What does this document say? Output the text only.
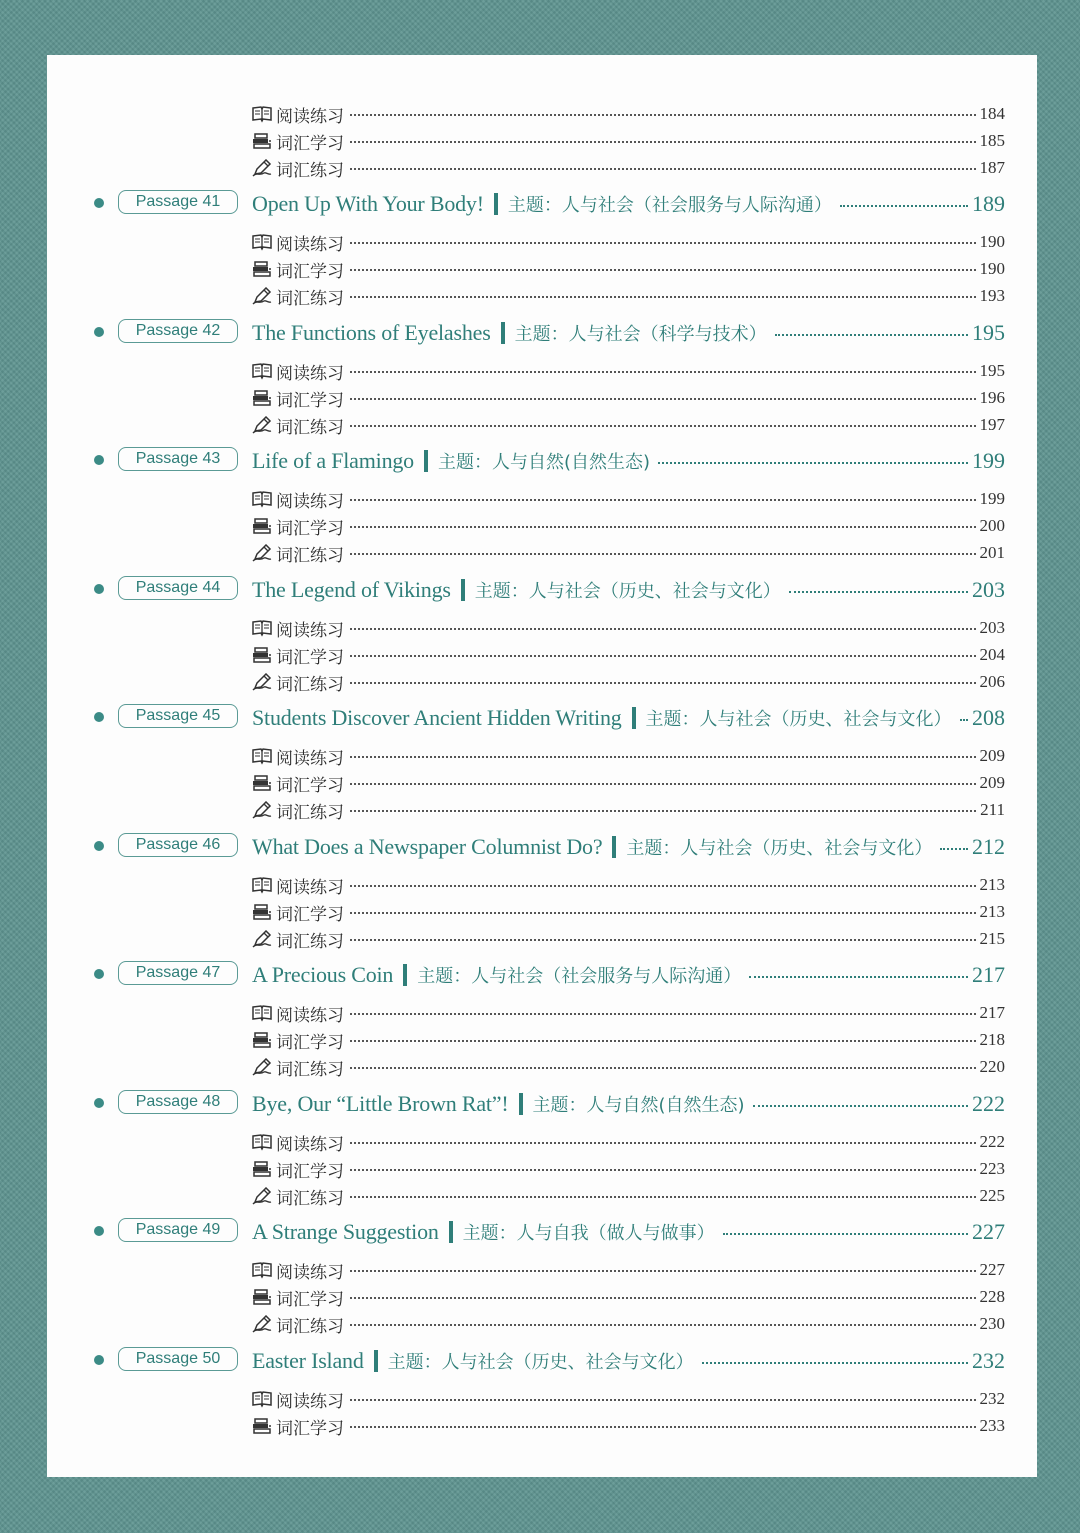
阅读练习	184
词汇学习	185
词汇练习	187
Passage 41	Open Up With Your Body! 主题：人与社会（社会服务与人际沟通）	189
阅读练习	190
词汇学习	190
词汇练习	193
Passage 42	The Functions of Eyelashes 主题：人与社会（科学与技术）	195
阅读练习	195
词汇学习	196
词汇练习	197
Passage 43	Life of a Flamingo 主题：人与自然(自然生态)	199
阅读练习	199
词汇学习	200
词汇练习	201
Passage 44	The Legend of Vikings 主题：人与社会（历史、社会与文化）	203
阅读练习	203
词汇学习	204
词汇练习	206
Passage 45	Students Discover Ancient Hidden Writing 主题：人与社会（历史、社会与文化） 208
阅读练习	209
词汇学习	209
词汇练习	211
Passage 46	What Does a Newspaper Columnist Do? 主题：人与社会（历史、社会与文化） 212
阅读练习	213
词汇学习	213
词汇练习	215
Passage 47	A Precious Coin 主题：人与社会（社会服务与人际沟通）	217
阅读练习	217
词汇学习	218
词汇练习	220
Passage 48	Bye, Our “Little Brown Rat”! 主题：人与自然(自然生态)	222
阅读练习	222
词汇学习	223
词汇练习	225
Passage 49	A Strange Suggestion 主题：人与自我（做人与做事）	227
阅读练习	227
词汇学习	228
词汇练习	230
Passage 50	Easter Island 主题：人与社会（历史、社会与文化）	232
阅读练习	232
词汇学习	233
